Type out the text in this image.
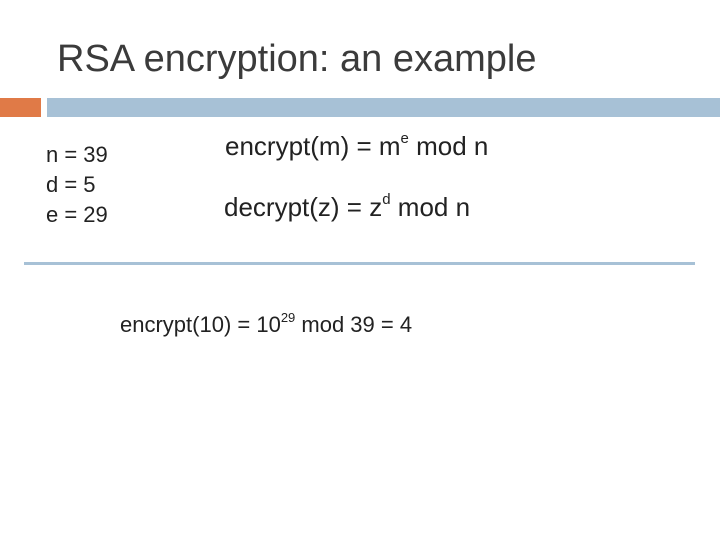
RSA encryption: an example
n = 39
d = 5
e = 29
encrypt(m) = $m^e$ mod n
decrypt(z) = $z^d$ mod n
encrypt(10) = $10^{29}$ mod 39 = 4
